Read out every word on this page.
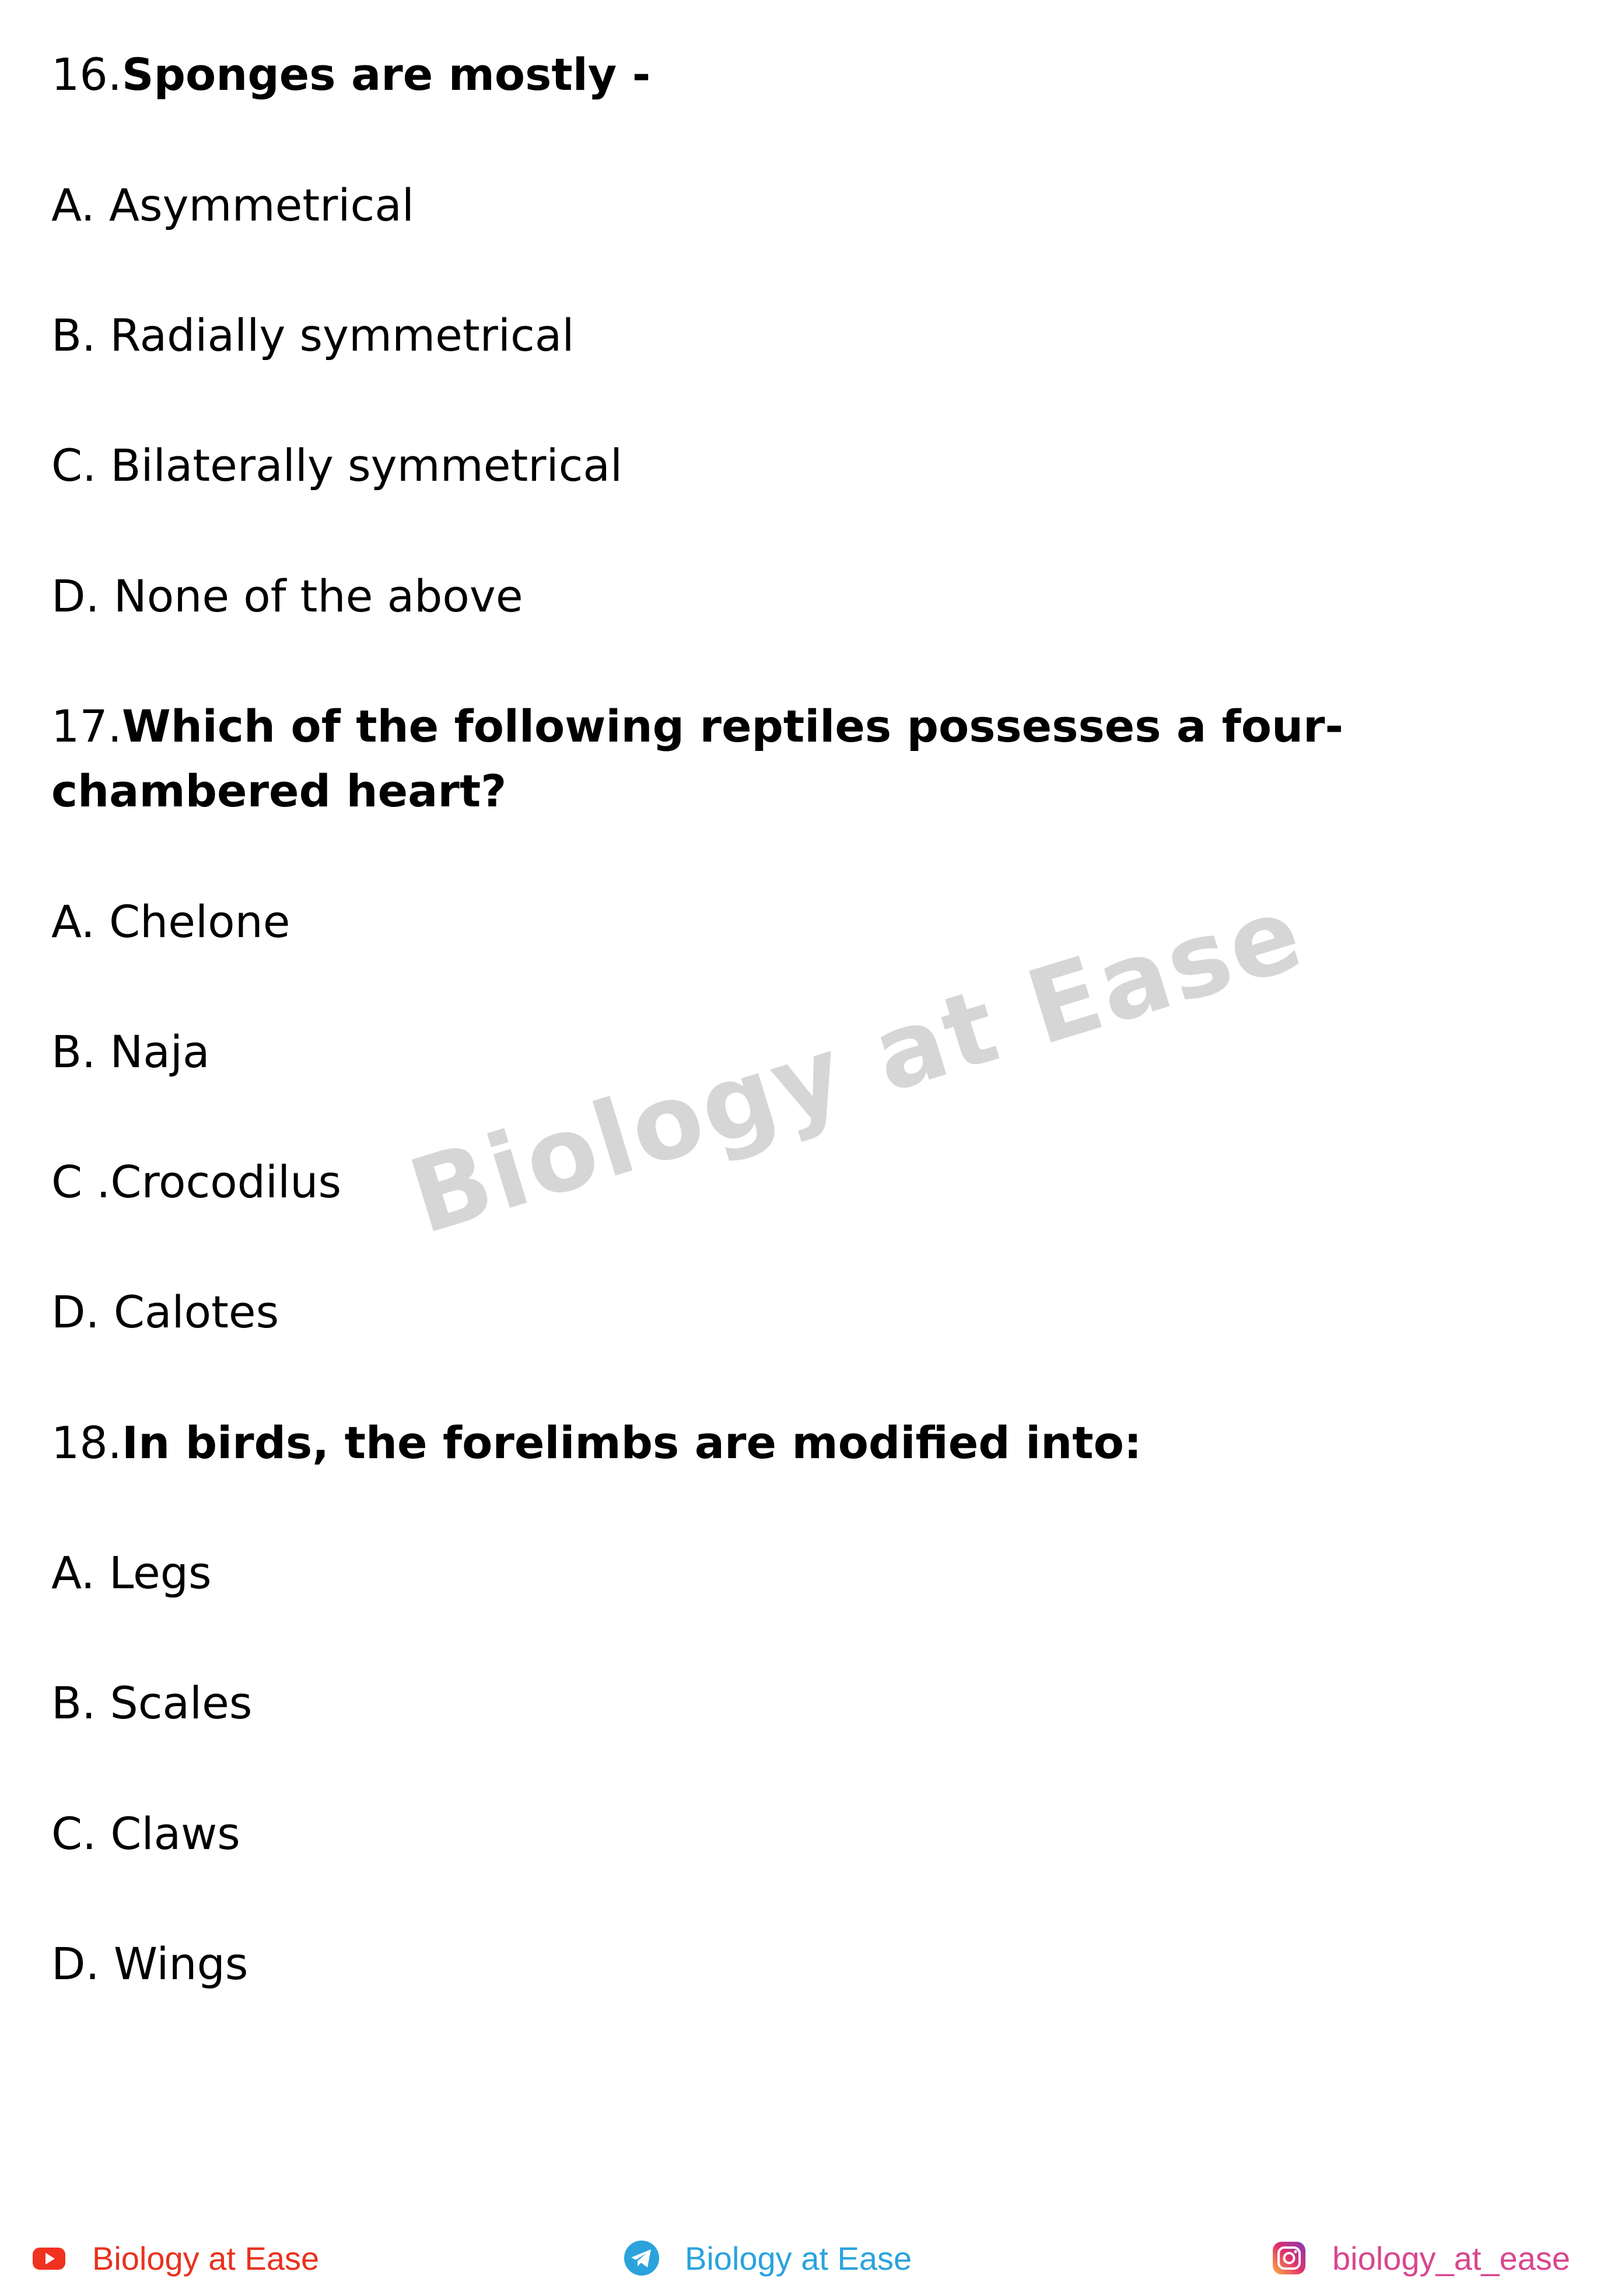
16.Sponges are mostly -
A. Asymmetrical
B. Radially symmetrical
C. Bilaterally symmetrical
D. None of the above
17.Which of the following reptiles possesses a four-
chambered heart?
A. Chelone
B. Naja
C .Crocodilus
D. Calotes
18.In birds, the forelimbs are modified into:
A. Legs
B. Scales
C. Claws
D. Wings
Biology at Ease
Biology at Ease	Biology at Ease	biology_at_ease
